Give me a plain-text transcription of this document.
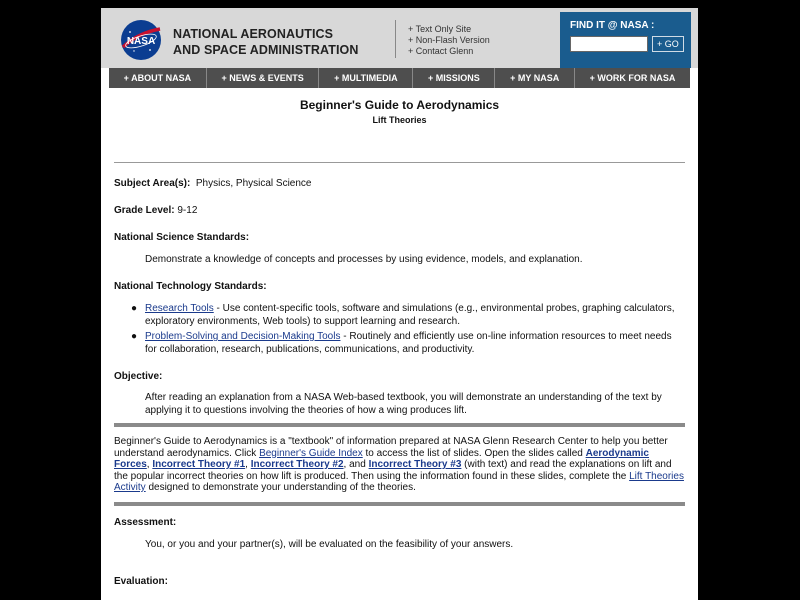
NASA
NATIONAL AERONAUTICS
AND SPACE ADMINISTRATION
+ Text Only Site
+ Non-Flash Version
+ Contact Glenn
FIND IT @ NASA :
+ GO
+ ABOUT NASA	+ NEWS & EVENTS	+ MULTIMEDIA	+ MISSIONS	+ MY NASA	+ WORK FOR NASA
Beginner's Guide to Aerodynamics
Lift Theories
Subject Area(s): Physics, Physical Science
Grade Level: 9-12
National Science Standards:
Demonstrate a knowledge of concepts and processes by using evidence, models, and explanation.
National Technology Standards:
● Research Tools - Use content-specific tools, software and simulations (e.g., environmental probes, graphing calculators, exploratory environments, Web tools) to support learning and research.
● Problem-Solving and Decision-Making Tools - Routinely and efficiently use on-line information resources to meet needs for collaboration, research, publications, communications, and productivity.
Objective:
After reading an explanation from a NASA Web-based textbook, you will demonstrate an understanding of the text by applying it to questions involving the theories of how a wing produces lift.
Beginner's Guide to Aerodynamics is a "textbook" of information prepared at NASA Glenn Research Center to help you better understand aerodynamics. Click Beginner's Guide Index to access the list of slides. Open the slides called Aerodynamic Forces, Incorrect Theory #1, Incorrect Theory #2, and Incorrect Theory #3 (with text) and read the explanations on lift and the popular incorrect theories on how lift is produced. Then using the information found in these slides, complete the Lift Theories Activity designed to demonstrate your understanding of the theories.
Assessment:
You, or you and your partner(s), will be evaluated on the feasibility of your answers.
Evaluation:
